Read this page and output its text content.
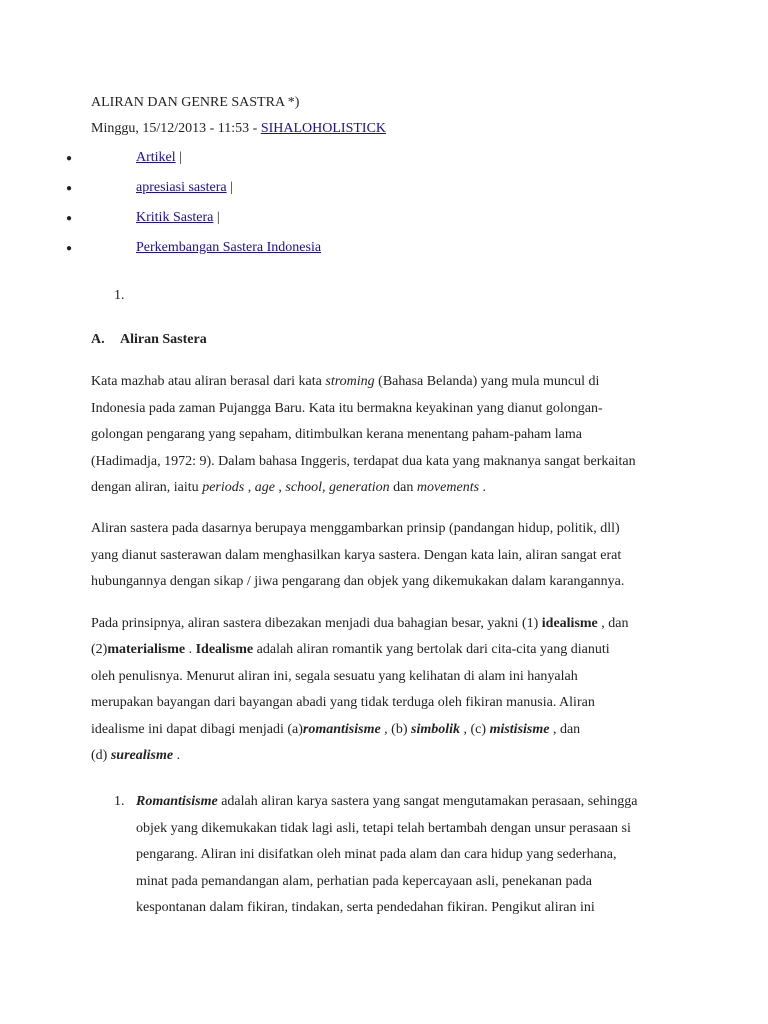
ALIRAN DAN GENRE SASTRA *)
Minggu, 15/12/2013 - 11:53 - SIHALOHOLISTICK
●	Artikel |
●	apresiasi sastera |
●	Kritik Sastera |
●	Perkembangan Sastera Indonesia
1.
A. Aliran Sastera
Kata mazhab atau aliran berasal dari kata stroming (Bahasa Belanda) yang mula muncul di
Indonesia pada zaman Pujangga Baru. Kata itu bermakna keyakinan yang dianut golongan-
golongan pengarang yang sepaham, ditimbulkan kerana menentang paham-paham lama
(Hadimadja, 1972: 9). Dalam bahasa Inggeris, terdapat dua kata yang maknanya sangat berkaitan
dengan aliran, iaitu periods , age , school, generation dan movements .
Aliran sastera pada dasarnya berupaya menggambarkan prinsip (pandangan hidup, politik, dll)
yang dianut sasterawan dalam menghasilkan karya sastera. Dengan kata lain, aliran sangat erat
hubungannya dengan sikap / jiwa pengarang dan objek yang dikemukakan dalam karangannya.
Pada prinsipnya, aliran sastera dibezakan menjadi dua bahagian besar, yakni (1) idealisme , dan
(2)materialisme . Idealisme adalah aliran romantik yang bertolak dari cita-cita yang dianuti
oleh penulisnya. Menurut aliran ini, segala sesuatu yang kelihatan di alam ini hanyalah
merupakan bayangan dari bayangan abadi yang tidak terduga oleh fikiran manusia. Aliran
idealisme ini dapat dibagi menjadi (a)romantisisme , (b) simbolik , (c) mistisisme , dan
(d) surealisme .
1. Romantisisme adalah aliran karya sastera yang sangat mengutamakan perasaan, sehingga
objek yang dikemukakan tidak lagi asli, tetapi telah bertambah dengan unsur perasaan si
pengarang. Aliran ini disifatkan oleh minat pada alam dan cara hidup yang sederhana,
minat pada pemandangan alam, perhatian pada kepercayaan asli, penekanan pada
kespontanan dalam fikiran, tindakan, serta pendedahan fikiran. Pengikut aliran ini
